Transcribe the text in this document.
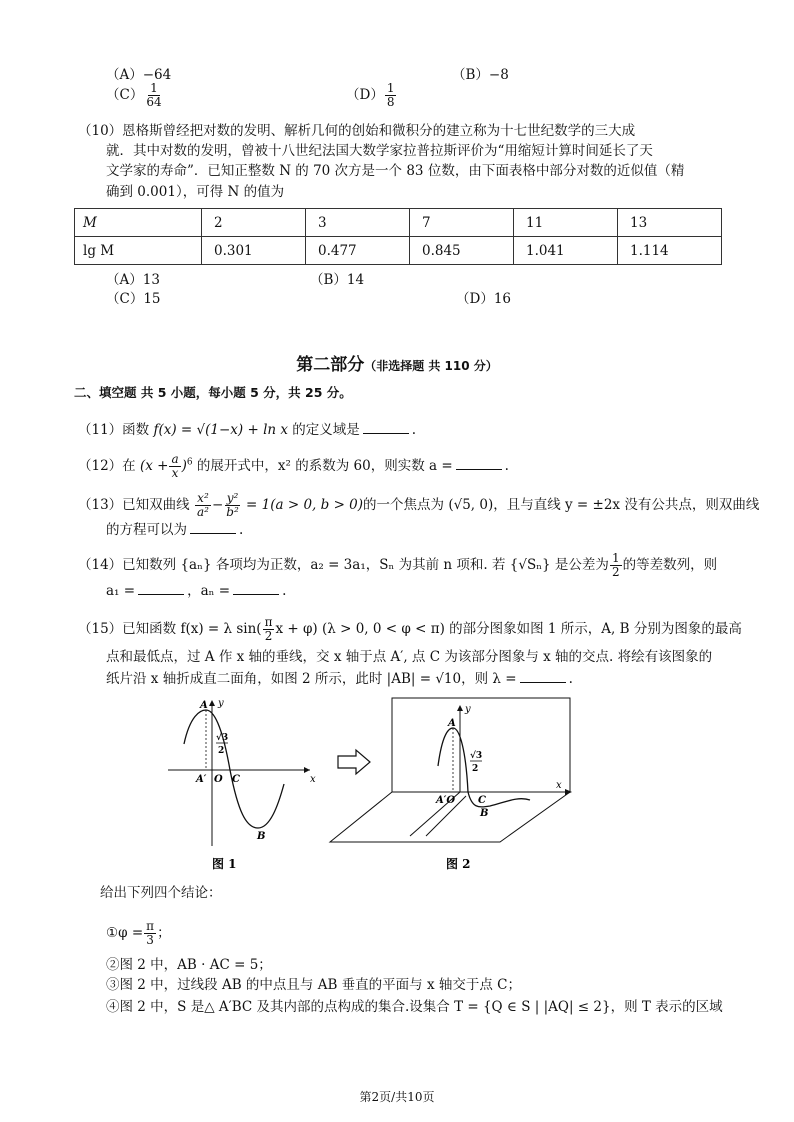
（A）−64	（B）−8
$(C) \frac{1}{64}$	$(D) \frac{1}{8}$
（10）恩格斯曾经把对数的发明、解析几何的创始和微积分的建立称为十七世纪数学的三大成
就．其中对数的发明，曾被十八世纪法国大数学家拉普拉斯评价为“用缩短计算时间延长了天
文学家的寿命”．已知正整数 N 的 70 次方是一个 83 位数，由下面表格中部分对数的近似值（精
确到 0.001），可得 N 的值为
M	2	3	7	11	13
lg M	0.301	0.477	0.845	1.041	1.114
（A）13	（B）14
（C）15	（D）16
第二部分（非选择题 共 110 分）
二、填空题 共 5 小题，每小题 5 分，共 25 分。
（11）函数 f(x) = √(1−x) + ln x 的定义域是	.
（12）在 $(x + \frac{a}{x} )^6$ 的展开式中，x² 的系数为 60，则实数 a =	.
（13）已知双曲线 $\frac{\text{x²}}{\text{a²}} - \frac{\text{y²}}{\text{b²}} = 1(a > 0$, b > 0)的一个焦点为 (√5, 0)，且与直线 y = ±2x 没有公共点，则双曲线
的方程可以为	.
（14）已知数列 {aₙ} 各项均为正数，a₂ = 3a₁，Sₙ 为其前 n 项和. 若 {√Sₙ} 是公差为 $\frac{1}{2}$ 的等差数列，则
a₁ =	，aₙ =	.
（15）已知函数 f(x) = λ $\sin( \frac{\pi}{2}$ x + φ) (λ > 0, 0 < φ < π) 的部分图象如图 1 所示，A, B 分别为图象的最高
点和最低点，过 A 作 x 轴的垂线，交 x 轴于点 A′, 点 C 为该部分图象与 x 轴的交点. 将绘有该图象的
纸片沿 x 轴折成直二面角，如图 2 所示，此时 |AB| = √10，则 λ =	.
y
x
A
B
C
O
A′
√3
2
图 1
y
x
A
B
C
A′O
√3
2
图 2
给出下列四个结论：
①φ = $\frac{\pi}{3}$ ；
②图 2 中，AB · AC = 5；
③图 2 中，过线段 AB 的中点且与 AB 垂直的平面与 x 轴交于点 C；
④图 2 中，S 是△ A′BC 及其内部的点构成的集合.设集合 T = {Q ∈ S | |AQ| ≤ 2}，则 T 表示的区域
第2页/共10页
